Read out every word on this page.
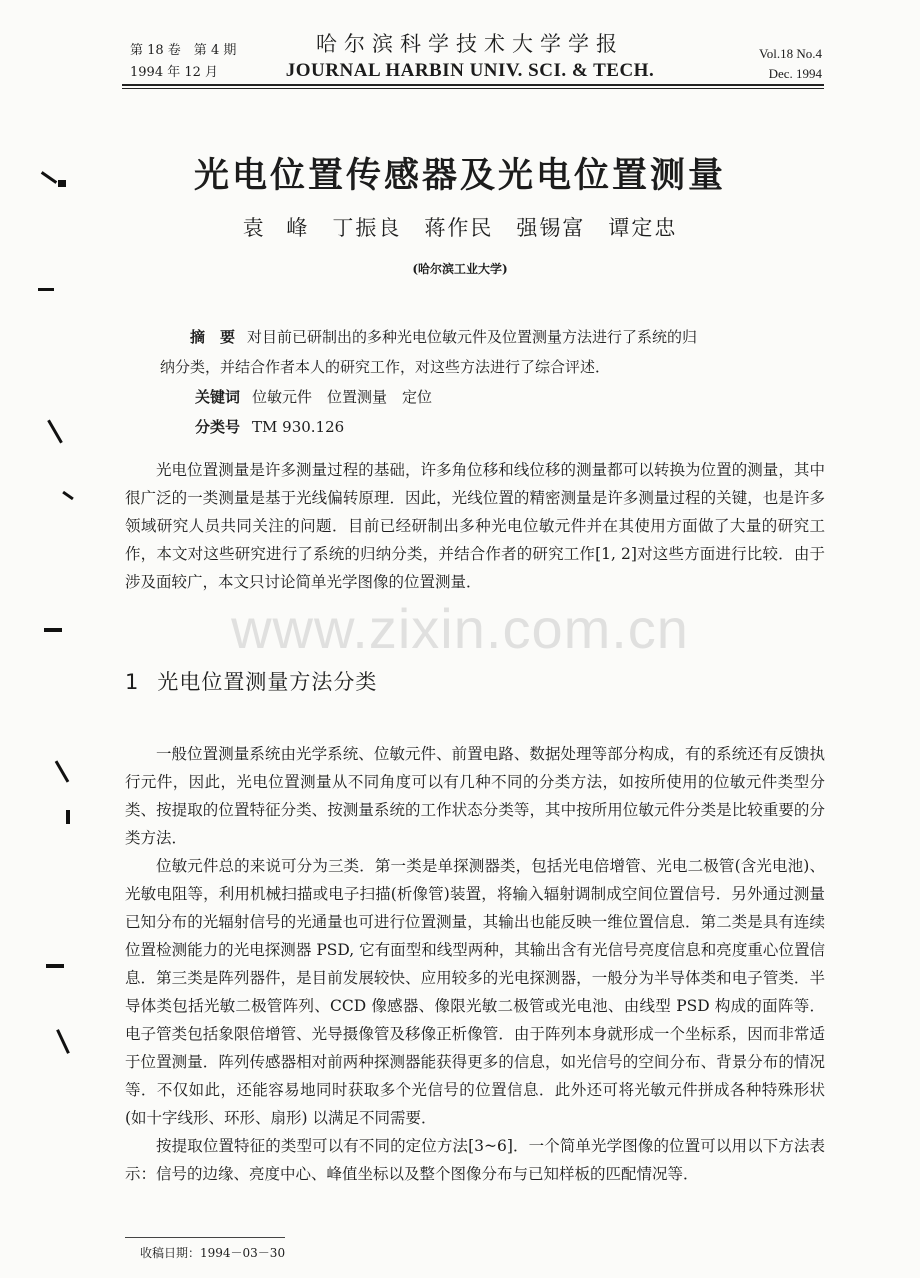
第 18 卷　第 4 期
1994 年 12 月
哈尔滨科学技术大学学报
JOURNAL HARBIN UNIV. SCI. & TECH.
Vol.18 No.4
Dec. 1994
光电位置传感器及光电位置测量
袁 峰　丁振良　蒋作民　强锡富　谭定忠
(哈尔滨工业大学)
摘　要 对目前已研制出的多种光电位敏元件及位置测量方法进行了系统的归
纳分类，并结合作者本人的研究工作，对这些方法进行了综合评述．
关键词 位敏元件　位置测量　定位
分类号 TM 930.126

光电位置测量是许多测量过程的基础，许多角位移和线位移的测量都可以转换为位置的测量，其中很广泛的一类测量是基于光线偏转原理．因此，光线位置的精密测量是许多测量过程的关键，也是许多领域研究人员共同关注的问题．目前已经研制出多种光电位敏元件并在其使用方面做了大量的研究工作，本文对这些研究进行了系统的归纳分类，并结合作者的研究工作[1, 2]对这些方面进行比较．由于涉及面较广，本文只讨论简单光学图像的位置测量．

www.zixin.com.cn
1 光电位置测量方法分类

一般位置测量系统由光学系统、位敏元件、前置电路、数据处理等部分构成，有的系统还有反馈执行元件，因此，光电位置测量从不同角度可以有几种不同的分类方法，如按所使用的位敏元件类型分类、按提取的位置特征分类、按测量系统的工作状态分类等，其中按所用位敏元件分类是比较重要的分类方法．

位敏元件总的来说可分为三类．第一类是单探测器类，包括光电倍增管、光电二极管(含光电池)、光敏电阻等，利用机械扫描或电子扫描(析像管)装置，将输入辐射调制成空间位置信号．另外通过测量已知分布的光辐射信号的光通量也可进行位置测量，其输出也能反映一维位置信息．第二类是具有连续位置检测能力的光电探测器 PSD, 它有面型和线型两种，其输出含有光信号亮度信息和亮度重心位置信息．第三类是阵列器件，是目前发展较快、应用较多的光电探测器，一般分为半导体类和电子管类．半导体类包括光敏二极管阵列、CCD 像感器、像限光敏二极管或光电池、由线型 PSD 构成的面阵等．电子管类包括象限倍增管、光导摄像管及移像正析像管．由于阵列本身就形成一个坐标系，因而非常适于位置测量．阵列传感器相对前两种探测器能获得更多的信息，如光信号的空间分布、背景分布的情况等．不仅如此，还能容易地同时获取多个光信号的位置信息．此外还可将光敏元件拼成各种特殊形状(如十字线形、环形、扇形) 以满足不同需要．

按提取位置特征的类型可以有不同的定位方法[3~6]．一个简单光学图像的位置可以用以下方法表示：信号的边缘、亮度中心、峰值坐标以及整个图像分布与已知样板的匹配情况等．

收稿日期：1994－03－30
